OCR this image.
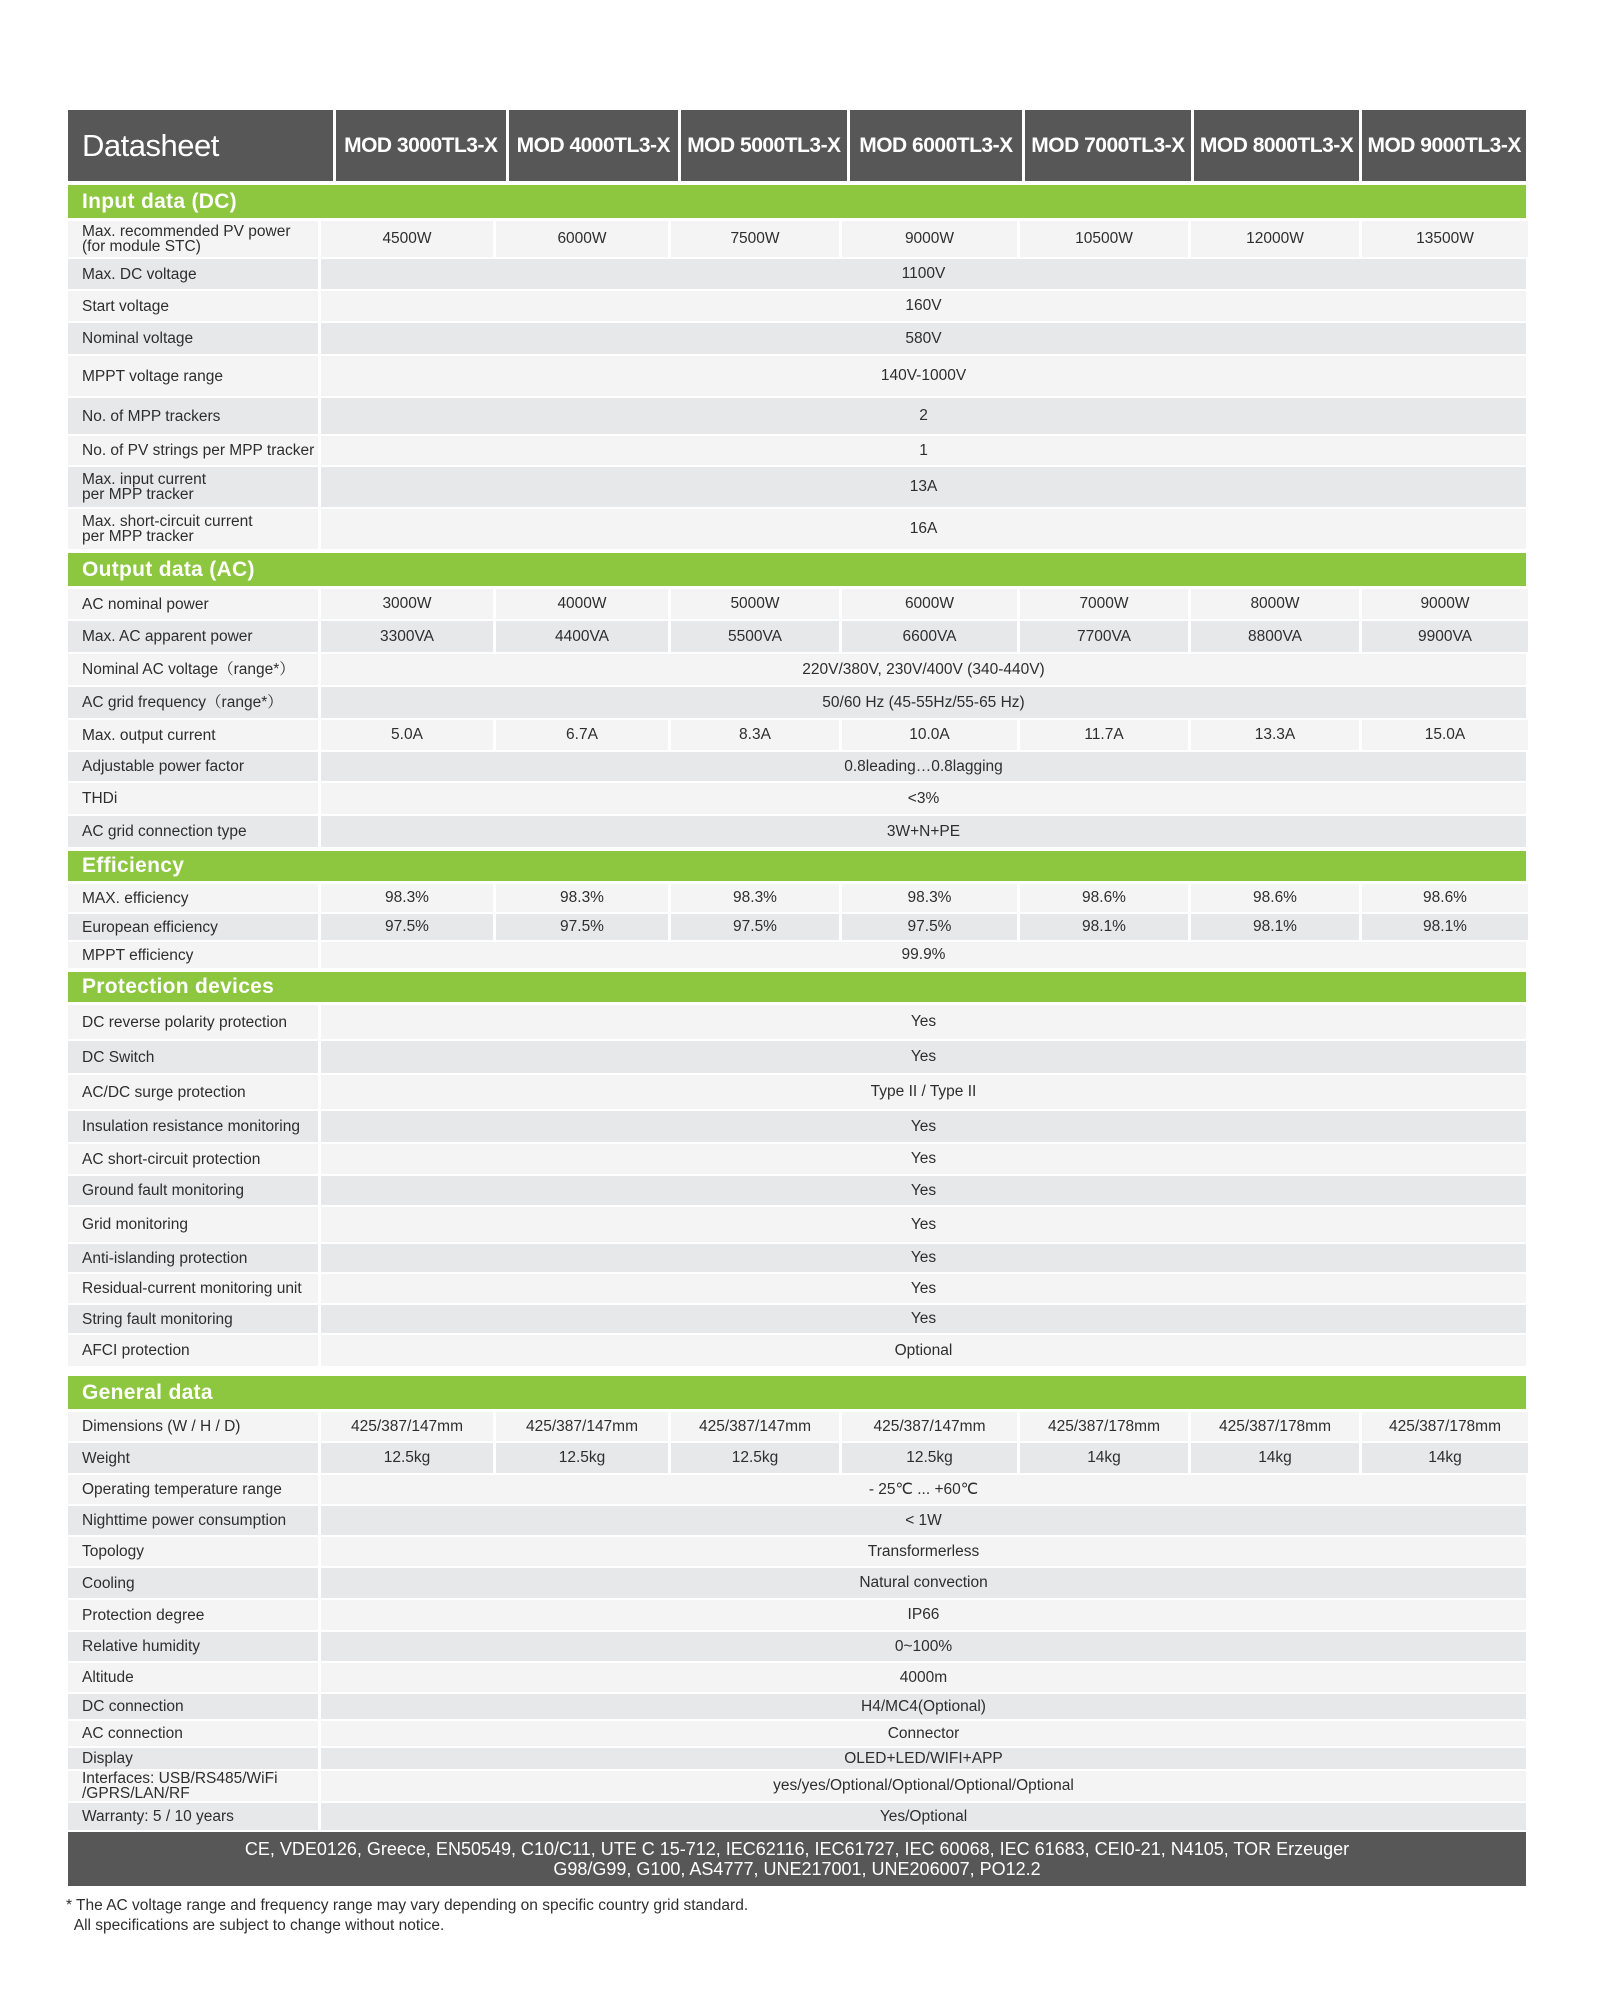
Datasheet	MOD 3000TL3-X MOD 4000TL3-X MOD 5000TL3-X MOD 6000TL3-X MOD 7000TL3-X MOD 8000TL3-X MOD 9000TL3-X
Input data (DC)
Max. recommended PV power
(for module STC)	4500W	6000W	7500W	9000W	10500W	12000W	13500W
Max. DC voltage	1100V
Start voltage	160V
Nominal voltage	580V
MPPT voltage range	140V-1000V
No. of MPP trackers	2
No. of PV strings per MPP tracker	1
Max. input current
per MPP tracker	13A
Max. short-circuit current
per MPP tracker	16A
Output data (AC)
AC nominal power	3000W	4000W	5000W	6000W	7000W	8000W	9000W
Max. AC apparent power	3300VA	4400VA	5500VA	6600VA	7700VA	8800VA	9900VA
Nominal AC voltage（range*）	220V/380V, 230V/400V (340-440V)
AC grid frequency（range*）	50/60 Hz (45-55Hz/55-65 Hz)
Max. output current	5.0A	6.7A	8.3A	10.0A	11.7A	13.3A	15.0A
Adjustable power factor	0.8leading…0.8lagging
THDi	<3%
AC grid connection type	3W+N+PE
Efficiency
MAX. efficiency	98.3%	98.3%	98.3%	98.3%	98.6%	98.6%	98.6%
European efficiency	97.5%	97.5%	97.5%	97.5%	98.1%	98.1%	98.1%
MPPT efficiency	99.9%
Protection devices
DC reverse polarity protection	Yes
DC Switch	Yes
AC/DC surge protection	Type II / Type II
Insulation resistance monitoring	Yes
AC short-circuit protection	Yes
Ground fault monitoring	Yes
Grid monitoring	Yes
Anti-islanding protection	Yes
Residual-current monitoring unit	Yes
String fault monitoring	Yes
AFCI protection	Optional
General data
Dimensions (W / H / D)	425/387/147mm	425/387/147mm	425/387/147mm	425/387/147mm	425/387/178mm	425/387/178mm	425/387/178mm
Weight	12.5kg	12.5kg	12.5kg	12.5kg	14kg	14kg	14kg
Operating temperature range	- 25℃ ... +60℃
Nighttime power consumption	< 1W
Topology	Transformerless
Cooling	Natural convection
Protection degree	IP66
Relative humidity	0~100%
Altitude	4000m
DC connection	H4/MC4(Optional)
AC connection	Connector
Display	OLED+LED/WIFI+APP
Interfaces: USB/RS485/WiFi
/GPRS/LAN/RF	yes/yes/Optional/Optional/Optional/Optional
Warranty: 5 / 10 years	Yes/Optional
CE, VDE0126, Greece, EN50549, C10/C11, UTE C 15-712, IEC62116, IEC61727, IEC 60068, IEC 61683, CEI0-21, N4105, TOR Erzeuger
G98/G99, G100, AS4777, UNE217001, UNE206007, PO12.2
* The AC voltage range and frequency range may vary depending on specific country grid standard.
All specifications are subject to change without notice.
